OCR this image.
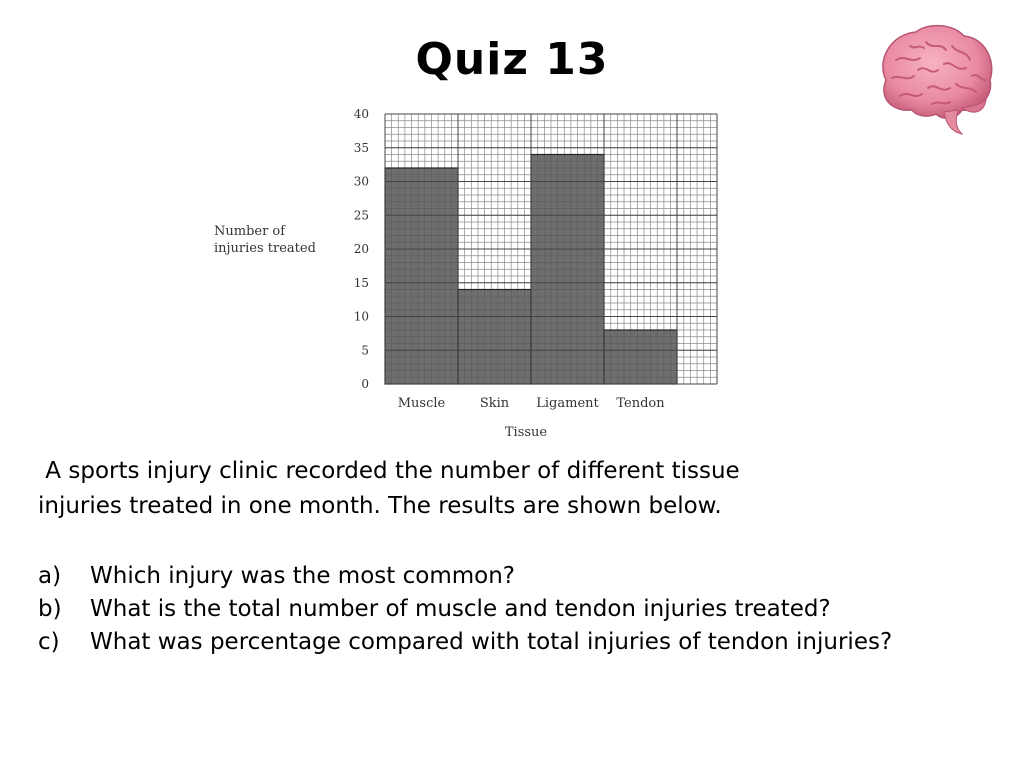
Quiz 13
Number of
injuries treated
0
5
10
15
20
25
30
35
40
Muscle	Skin Ligament Tendon
Tissue
A sports injury clinic recorded the number of different tissue
injuries treated in one month. The results are shown below.
a) Which injury was the most common?
b) What is the total number of muscle and tendon injuries treated?
c) What was percentage compared with total injuries of tendon injuries?
